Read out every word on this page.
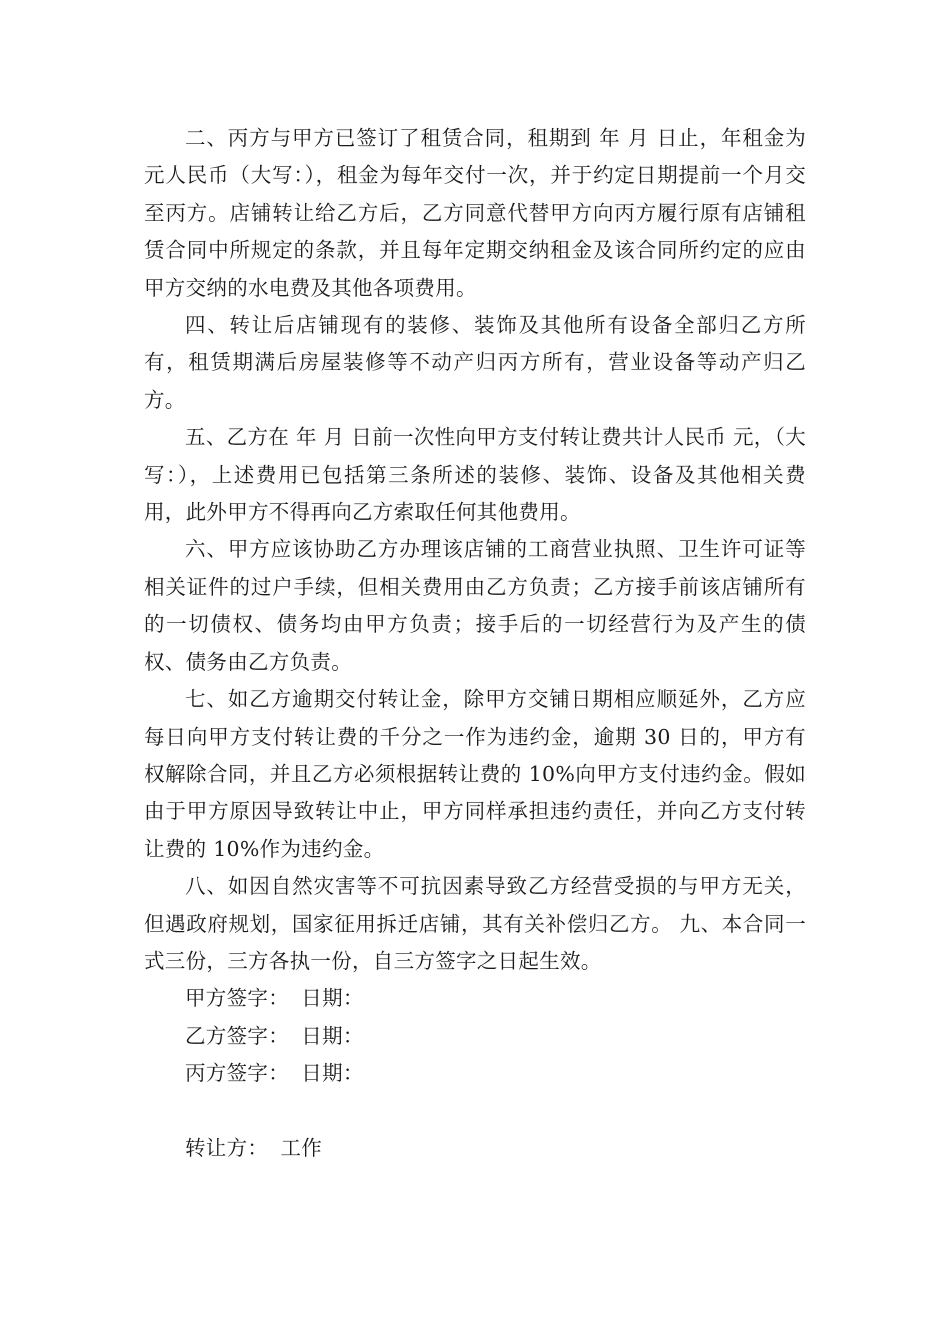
二、丙方与甲方已签订了租赁合同，租期到 年 月 日止，年租金为 元人民币（大写：），租金为每年交付一次，并于约定日期提前一个月交至丙方。店铺转让给乙方后，乙方同意代替甲方向丙方履行原有店铺租赁合同中所规定的条款，并且每年定期交纳租金及该合同所约定的应由甲方交纳的水电费及其他各项费用。

四、转让后店铺现有的装修、装饰及其他所有设备全部归乙方所有，租赁期满后房屋装修等不动产归丙方所有，营业设备等动产归乙方。

五、乙方在 年 月 日前一次性向甲方支付转让费共计人民币 元，（大写：），上述费用已包括第三条所述的装修、装饰、设备及其他相关费用，此外甲方不得再向乙方索取任何其他费用。

六、甲方应该协助乙方办理该店铺的工商营业执照、卫生许可证等相关证件的过户手续，但相关费用由乙方负责；乙方接手前该店铺所有的一切债权、债务均由甲方负责；接手后的一切经营行为及产生的债权、债务由乙方负责。

七、如乙方逾期交付转让金，除甲方交铺日期相应顺延外，乙方应每日向甲方支付转让费的千分之一作为违约金，逾期 30 日的，甲方有权解除合同，并且乙方必须根据转让费的 10%向甲方支付违约金。假如由于甲方原因导致转让中止，甲方同样承担违约责任，并向乙方支付转让费的 10%作为违约金。

八、如因自然灾害等不可抗因素导致乙方经营受损的与甲方无关，但遇政府规划，国家征用拆迁店铺，其有关补偿归乙方。 九、本合同一式三份，三方各执一份，自三方签字之日起生效。

甲方签字： 日期：
乙方签字： 日期：
丙方签字： 日期：
转让方： 工作
